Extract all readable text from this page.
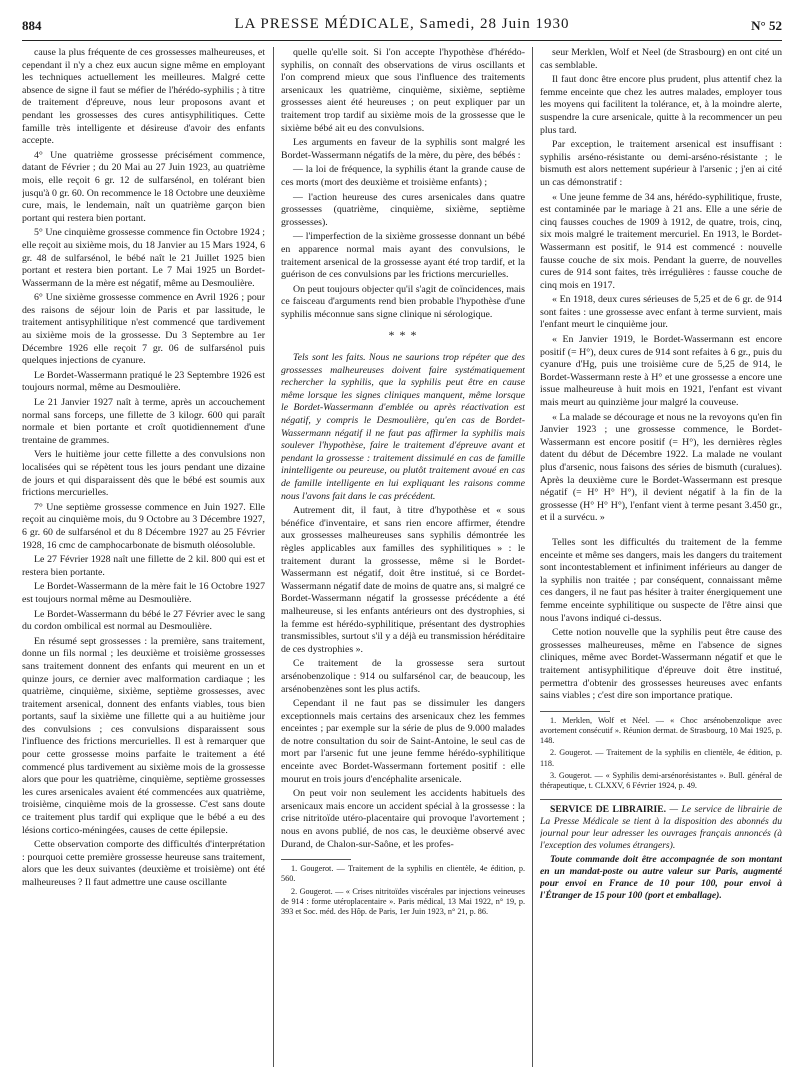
884	LA PRESSE MÉDICALE, Samedi, 28 Juin 1930	N° 52

cause la plus fréquente de ces grossesses malheureuses, et cependant il n'y a chez eux aucun signe même en employant les techniques actuellement les meilleures. Malgré cette absence de signe il faut se méfier de l'hérédo-syphilis ; à titre de traitement d'épreuve, nous leur proposons avant et pendant les grossesses des cures antisyphilitiques. Cette famille très intelligente et désireuse d'avoir des enfants accepte.

4° Une quatrième grossesse précisément commence, datant de Février ; du 20 Mai au 27 Juin 1923, au quatrième mois, elle reçoit 6 gr. 12 de sulfarsénol, en tolérant bien jusqu'à 0 gr. 60. On recommence le 18 Octobre une deuxième cure, mais, le lendemain, naît un quatrième garçon bien portant qui restera bien portant.

5° Une cinquième grossesse commence fin Octobre 1924 ; elle reçoit au sixième mois, du 18 Janvier au 15 Mars 1924, 6 gr. 48 de sulfarsénol, le bébé naît le 21 Juillet 1925 bien portant et restera bien portant. Le 7 Mai 1925 un Bordet-Wassermann de la mère est négatif, même au Desmoulière.

6° Une sixième grossesse commence en Avril 1926 ; pour des raisons de séjour loin de Paris et par lassitude, le traitement antisyphilitique n'est commencé que tardivement au sixième mois de la grossesse. Du 3 Septembre au 1er Décembre 1926 elle reçoit 7 gr. 06 de sulfarsénol puis quelques injections de cyanure.

Le Bordet-Wassermann pratiqué le 23 Septembre 1926 est toujours normal, même au Desmoulière.

Le 21 Janvier 1927 naît à terme, après un accouchement normal sans forceps, une fillette de 3 kilogr. 600 qui paraît normale et bien portante et croît quotidiennement d'une trentaine de grammes.

Vers le huitième jour cette fillette a des convulsions non localisées qui se répètent tous les jours pendant une dizaine de jours et qui disparaissent dès que le bébé est soumis aux frictions mercurielles.

7° Une septième grossesse commence en Juin 1927. Elle reçoit au cinquième mois, du 9 Octobre au 3 Décembre 1927, 6 gr. 60 de sulfarsénol et du 8 Décembre 1927 au 25 Février 1928, 16 cmc de camphocarbonate de bismuth oléosoluble.

Le 27 Février 1928 naît une fillette de 2 kil. 800 qui est et restera bien portante.

Le Bordet-Wassermann de la mère fait le 16 Octobre 1927 est toujours normal même au Desmoulière.

Le Bordet-Wassermann du bébé le 27 Février avec le sang du cordon ombilical est normal au Desmoulière.

En résumé sept grossesses : la première, sans traitement, donne un fils normal ; les deuxième et troisième grossesses sans traitement donnent des enfants qui meurent en un et quinze jours, ce dernier avec malformation cardiaque ; les quatrième, cinquième, sixième, septième grossesses, avec traitement arsenical, donnent des enfants viables, tous bien portants, sauf la sixième une fillette qui a au huitième jour des convulsions ; ces convulsions disparaissent sous l'influence des frictions mercurielles. Il est à remarquer que pour cette grossesse moins parfaite le traitement a été commencé plus tardivement au sixième mois de la grossesse alors que pour les quatrième, cinquième, septième grossesses les cures arsenicales avaient été commencées aux quatrième, troisième, cinquième mois de la grossesse. C'est sans doute ce traitement plus tardif qui explique que le bébé a eu des lésions cortico-méningées, causes de cette épilepsie.

Cette observation comporte des difficultés d'interprétation : pourquoi cette première grossesse heureuse sans traitement, alors que les deux suivantes (deuxième et troisième) ont été malheureuses ? Il faut admettre une cause oscillante

quelle qu'elle soit. Si l'on accepte l'hypothèse d'hérédo-syphilis, on connaît des observations de virus oscillants et l'on comprend mieux que sous l'influence des traitements arsenicaux les quatrième, cinquième, sixième, septième grossesses aient été heureuses ; on peut expliquer par un traitement trop tardif au sixième mois de la grossesse que le sixième bébé ait eu des convulsions.

Les arguments en faveur de la syphilis sont malgré les Bordet-Wassermann négatifs de la mère, du père, des bébés :

— la loi de fréquence, la syphilis étant la grande cause de ces morts (mort des deuxième et troisième enfants) ;

— l'action heureuse des cures arsenicales dans quatre grossesses (quatrième, cinquième, sixième, septième grossesses).

— l'imperfection de la sixième grossesse donnant un bébé en apparence normal mais ayant des convulsions, le traitement arsenical de la grossesse ayant été trop tardif, et la guérison de ces convulsions par les frictions mercurielles.

On peut toujours objecter qu'il s'agit de coïncidences, mais ce faisceau d'arguments rend bien probable l'hypothèse d'une syphilis méconnue sans signe clinique ni sérologique.

* * *

Tels sont les faits. Nous ne saurions trop répéter que des grossesses malheureuses doivent faire systématiquement rechercher la syphilis, que la syphilis peut être en cause même lorsque les signes cliniques manquent, même lorsque le Bordet-Wassermann d'emblée ou après réactivation est négatif, y compris le Desmoulière, qu'en cas de Bordet-Wassermann négatif il ne faut pas affirmer la syphilis mais soulever l'hypothèse, faire le traitement d'épreuve avant et pendant la grossesse : traitement dissimulé en cas de famille inintelligente ou peureuse, ou plutôt traitement avoué en cas de famille intelligente en lui expliquant les raisons comme nous l'avons fait dans le cas précédent.

Autrement dit, il faut, à titre d'hypothèse et « sous bénéfice d'inventaire, et sans rien encore affirmer, étendre aux grossesses malheureuses sans syphilis démontrée les règles applicables aux familles des syphilitiques » : le traitement durant la grossesse, même si le Bordet-Wassermann est négatif, doit être institué, si ce Bordet-Wassermann négatif date de moins de quatre ans, si malgré ce Bordet-Wassermann négatif la grossesse précédente a été malheureuse, si les enfants antérieurs ont des dystrophies, si la femme est hérédo-syphilitique, présentant des dystrophies transmissibles, surtout s'il y a déjà eu transmission héréditaire de ces dystrophies ».

Ce traitement de la grossesse sera surtout arsénobenzolique : 914 ou sulfarsénol car, de beaucoup, les arsénobenzènes sont les plus actifs.

Cependant il ne faut pas se dissimuler les dangers exceptionnels mais certains des arsenicaux chez les femmes enceintes ; par exemple sur la série de plus de 9.000 malades de notre consultation du soir de Saint-Antoine, le seul cas de mort par l'arsenic fut une jeune femme hérédo-syphilitique enceinte avec Bordet-Wassermann fortement positif : elle mourut en trois jours d'encéphalite arsenicale.

On peut voir non seulement les accidents habituels des arsenicaux mais encore un accident spécial à la grossesse : la crise nitritoïde utéro-placentaire qui provoque l'avortement ; nous en avons publié, de nos cas, le deuxième observé avec Durand, de Chalon-sur-Saône, et les profes-

1. Gougerot. — Traitement de la syphilis en clientèle, 4e édition, p. 560.

2. Gougerot. — « Crises nitritoïdes viscérales par injections veineuses de 914 : forme utéroplacentaire ». Paris médical, 13 Mai 1922, n° 19, p. 393 et Soc. méd. des Hôp. de Paris, 1er Juin 1923, n° 21, p. 86.

seur Merklen, Wolf et Neel (de Strasbourg) en ont cité un cas semblable.

Il faut donc être encore plus prudent, plus attentif chez la femme enceinte que chez les autres malades, employer tous les moyens qui facilitent la tolérance, et, à la moindre alerte, suspendre la cure arsenicale, quitte à la recommencer un peu plus tard.

Par exception, le traitement arsenical est insuffisant : syphilis arséno-résistante ou demi-arséno-résistante ; le bismuth est alors nettement supérieur à l'arsenic ; j'en ai cité un cas démonstratif :

« Une jeune femme de 34 ans, hérédo-syphilitique, fruste, est contaminée par le mariage à 21 ans. Elle a une série de cinq fausses couches de 1909 à 1912, de quatre, trois, cinq, six mois malgré le traitement mercuriel. En 1913, le Bordet-Wassermann est positif, le 914 est commencé : nouvelle fausse couche de six mois. Pendant la guerre, de nouvelles cures de 914 sont faites, très irrégulières : fausse couche de cinq mois en 1917.

« En 1918, deux cures sérieuses de 5,25 et de 6 gr. de 914 sont faites : une grossesse avec enfant à terme survient, mais l'enfant meurt le cinquième jour.

« En Janvier 1919, le Bordet-Wassermann est encore positif (= H°), deux cures de 914 sont refaites à 6 gr., puis du cyanure d'Hg, puis une troisième cure de 5,25 de 914, le Bordet-Wassermann reste à H° et une grossesse a encore une issue malheureuse à huit mois en 1921, l'enfant est vivant mais meurt au quinzième jour malgré la couveuse.

« La malade se décourage et nous ne la revoyons qu'en fin Janvier 1923 ; une grossesse commence, le Bordet-Wassermann est encore positif (= H°), les dernières règles datent du début de Décembre 1922. La malade ne voulant plus d'arsenic, nous faisons des séries de bismuth (curalues). Après la deuxième cure le Bordet-Wassermann est presque négatif (= H° H° H°), il devient négatif à la fin de la grossesse (H° H° H°), l'enfant vient à terme pesant 3.450 gr., et il a survécu. »

Telles sont les difficultés du traitement de la femme enceinte et même ses dangers, mais les dangers du traitement sont incontestablement et infiniment inférieurs au danger de la syphilis non traitée ; par conséquent, connaissant même ces dangers, il ne faut pas hésiter à traiter énergiquement une femme enceinte syphilitique ou suspecte de l'être ainsi que nous l'avons indiqué ci-dessus.

Cette notion nouvelle que la syphilis peut être cause des grossesses malheureuses, même en l'absence de signes cliniques, même avec Bordet-Wassermann négatif et que le traitement antisyphilitique d'épreuve doit être institué, permettra d'obtenir des grossesses heureuses avec enfants sains viables ; c'est dire son importance pratique.

1. Merklen, Wolf et Néel. — « Choc arsénobenzolique avec avortement consécutif ». Réunion dermat. de Strasbourg, 10 Mai 1925, p. 148.

2. Gougerot. — Traitement de la syphilis en clientèle, 4e édition, p. 118.

3. Gougerot. — « Syphilis demi-arsénorésistantes ». Bull. général de thérapeutique, t. CLXXV, 6 Février 1924, p. 49.

SERVICE DE LIBRAIRIE. — Le service de librairie de La Presse Médicale se tient à la disposition des abonnés du journal pour leur adresser les ouvrages français annoncés (à l'exception des volumes étrangers).

Toute commande doit être accompagnée de son montant en un mandat-poste ou autre valeur sur Paris, augmenté pour envoi en France de 10 pour 100, pour envoi à l'Étranger de 15 pour 100 (port et emballage).
